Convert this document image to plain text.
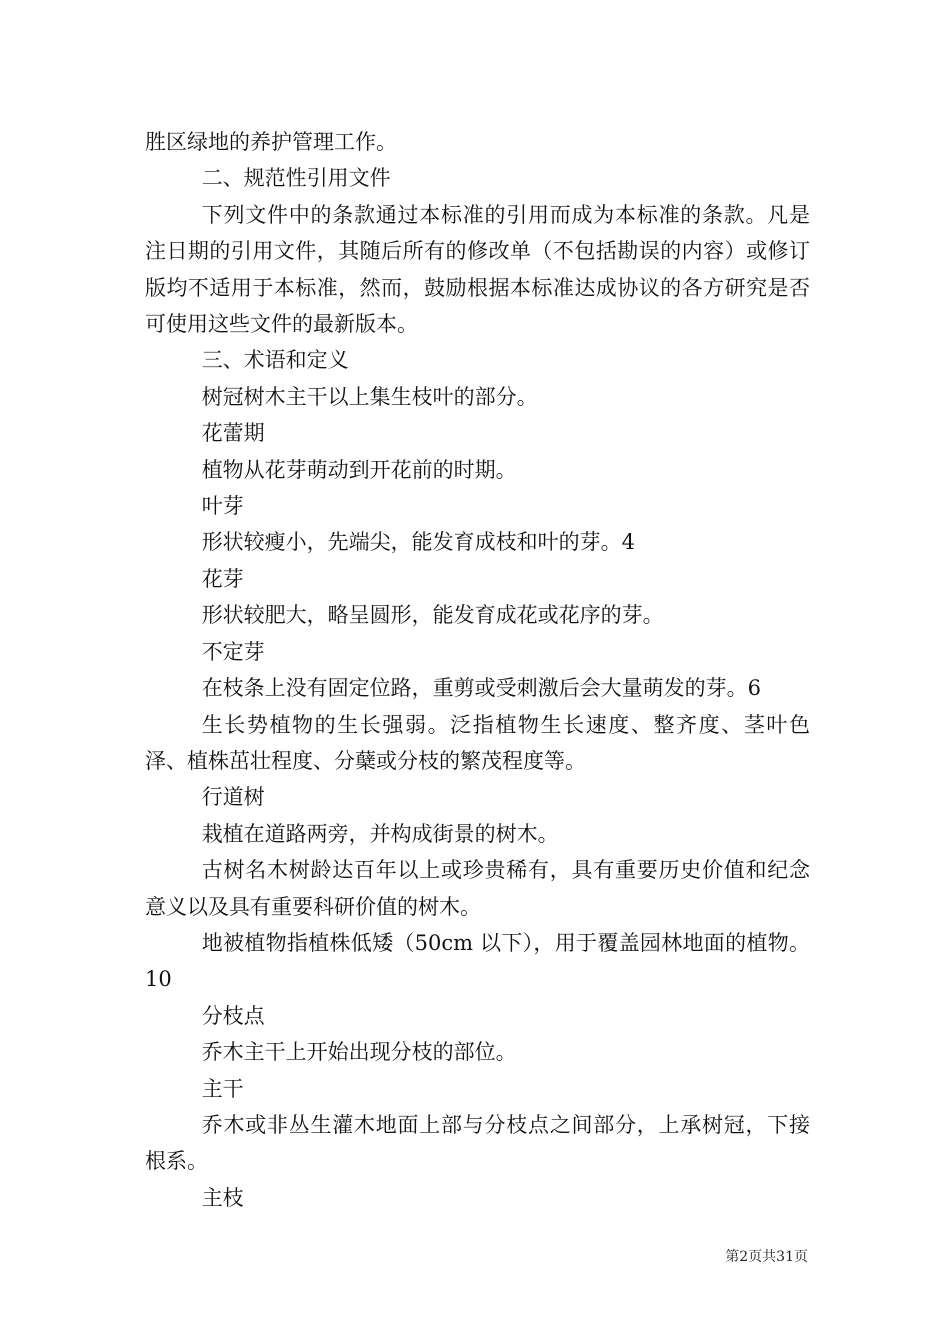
胜区绿地的养护管理工作。

二、规范性引用文件

下列文件中的条款通过本标准的引用而成为本标准的条款。凡是注日期的引用文件，其随后所有的修改单（不包括勘误的内容）或修订版均不适用于本标准，然而，鼓励根据本标准达成协议的各方研究是否可使用这些文件的最新版本。

三、术语和定义

树冠树木主干以上集生枝叶的部分。

花蕾期

植物从花芽萌动到开花前的时期。

叶芽

形状较瘦小，先端尖，能发育成枝和叶的芽。4

花芽

形状较肥大，略呈圆形，能发育成花或花序的芽。

不定芽

在枝条上没有固定位路，重剪或受刺激后会大量萌发的芽。6

生长势植物的生长强弱。泛指植物生长速度、整齐度、茎叶色泽、植株茁壮程度、分蘖或分枝的繁茂程度等。

行道树

栽植在道路两旁，并构成街景的树木。

古树名木树龄达百年以上或珍贵稀有，具有重要历史价值和纪念意义以及具有重要科研价值的树木。

地被植物指植株低矮（50cm 以下），用于覆盖园林地面的植物。10

分枝点

乔木主干上开始出现分枝的部位。

主干

乔木或非丛生灌木地面上部与分枝点之间部分，上承树冠，下接根系。

主枝

第2页共31页
